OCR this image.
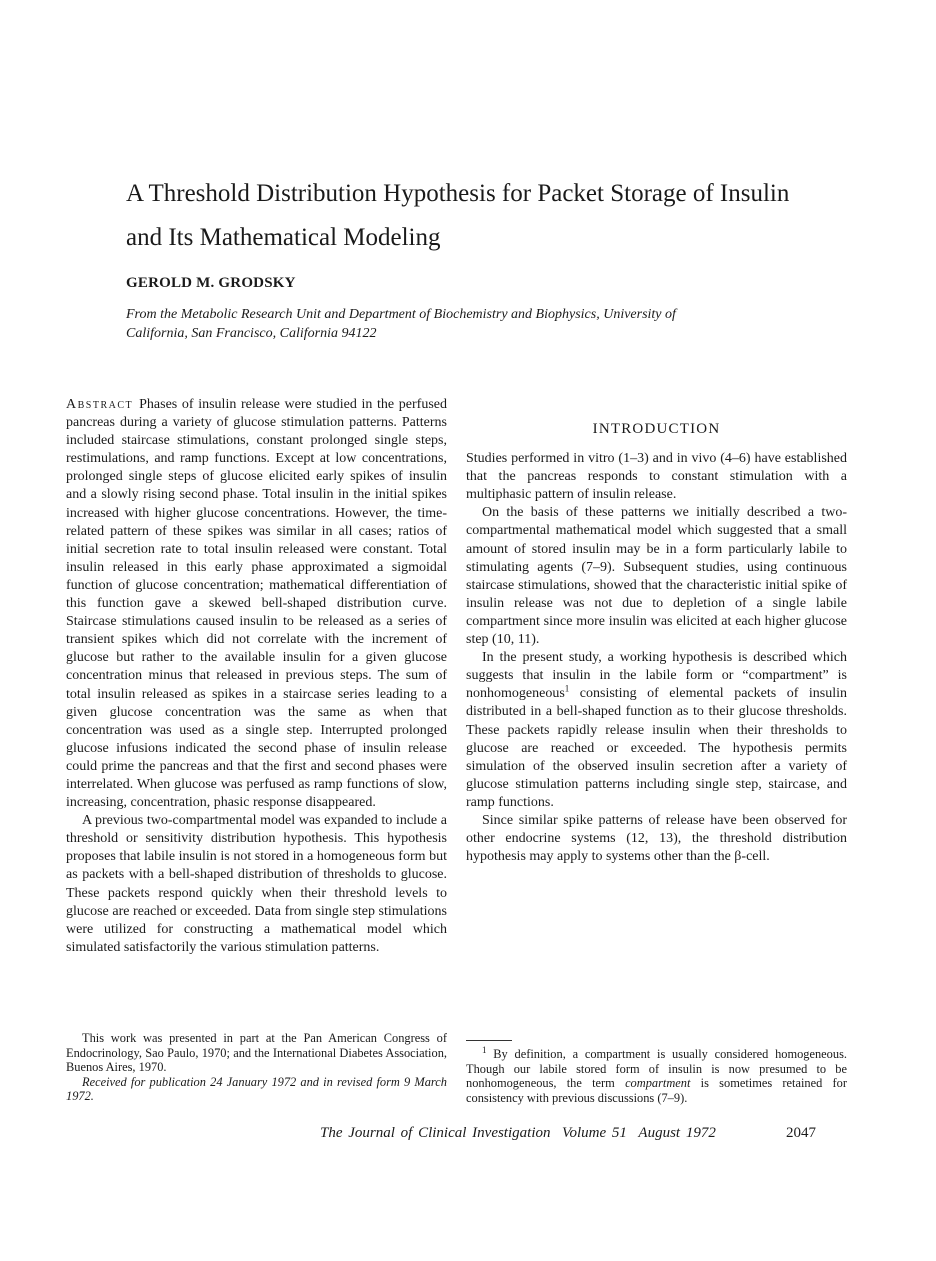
A Threshold Distribution Hypothesis for Packet Storage of Insulin and Its Mathematical Modeling
GEROLD M. GRODSKY
From the Metabolic Research Unit and Department of Biochemistry and Biophysics, University of California, San Francisco, California 94122

Abstract Phases of insulin release were studied in the perfused pancreas during a variety of glucose stimulation patterns. Patterns included staircase stimulations, constant prolonged single steps, restimulations, and ramp functions. Except at low concentrations, prolonged single steps of glucose elicited early spikes of insulin and a slowly rising second phase. Total insulin in the initial spikes increased with higher glucose concentrations. However, the time-related pattern of these spikes was similar in all cases; ratios of initial secretion rate to total insulin released were constant. Total insulin released in this early phase approximated a sigmoidal function of glucose concentration; mathematical differentiation of this function gave a skewed bell-shaped distribution curve. Staircase stimulations caused insulin to be released as a series of transient spikes which did not correlate with the increment of glucose but rather to the available insulin for a given glucose concentration minus that released in previous steps. The sum of total insulin released as spikes in a staircase series leading to a given glucose concentration was the same as when that concentration was used as a single step. Interrupted prolonged glucose infusions indicated the second phase of insulin release could prime the pancreas and that the first and second phases were interrelated. When glucose was perfused as ramp functions of slow, increasing, concentration, phasic response disappeared.

A previous two-compartmental model was expanded to include a threshold or sensitivity distribution hypothesis. This hypothesis proposes that labile insulin is not stored in a homogeneous form but as packets with a bell-shaped distribution of thresholds to glucose. These packets respond quickly when their threshold levels to glucose are reached or exceeded. Data from single step stimulations were utilized for constructing a mathematical model which simulated satisfactorily the various stimulation patterns.

INTRODUCTION

Studies performed in vitro (1–3) and in vivo (4–6) have established that the pancreas responds to constant stimulation with a multiphasic pattern of insulin release.

On the basis of these patterns we initially described a two-compartmental mathematical model which suggested that a small amount of stored insulin may be in a form particularly labile to stimulating agents (7–9). Subsequent studies, using continuous staircase stimulations, showed that the characteristic initial spike of insulin release was not due to depletion of a single labile compartment since more insulin was elicited at each higher glucose step (10, 11).

In the present study, a working hypothesis is described which suggests that insulin in the labile form or “compartment” is nonhomogeneous$^1$ consisting of elemental packets of insulin distributed in a bell-shaped function as to their glucose thresholds. These packets rapidly release insulin when their thresholds to glucose are reached or exceeded. The hypothesis permits simulation of the observed insulin secretion after a variety of glucose stimulation patterns including single step, staircase, and ramp functions.

Since similar spike patterns of release have been observed for other endocrine systems (12, 13), the threshold distribution hypothesis may apply to systems other than the β-cell.

This work was presented in part at the Pan American Congress of Endocrinology, Sao Paulo, 1970; and the International Diabetes Association, Buenos Aires, 1970.

Received for publication 24 January 1972 and in revised form 9 March 1972.

$^1$ By definition, a compartment is usually considered homogeneous. Though our labile stored form of insulin is now presumed to be nonhomogeneous, the term compartment is sometimes retained for consistency with previous discussions (7–9).

The Journal of Clinical Investigation Volume 51 August 1972	2047
